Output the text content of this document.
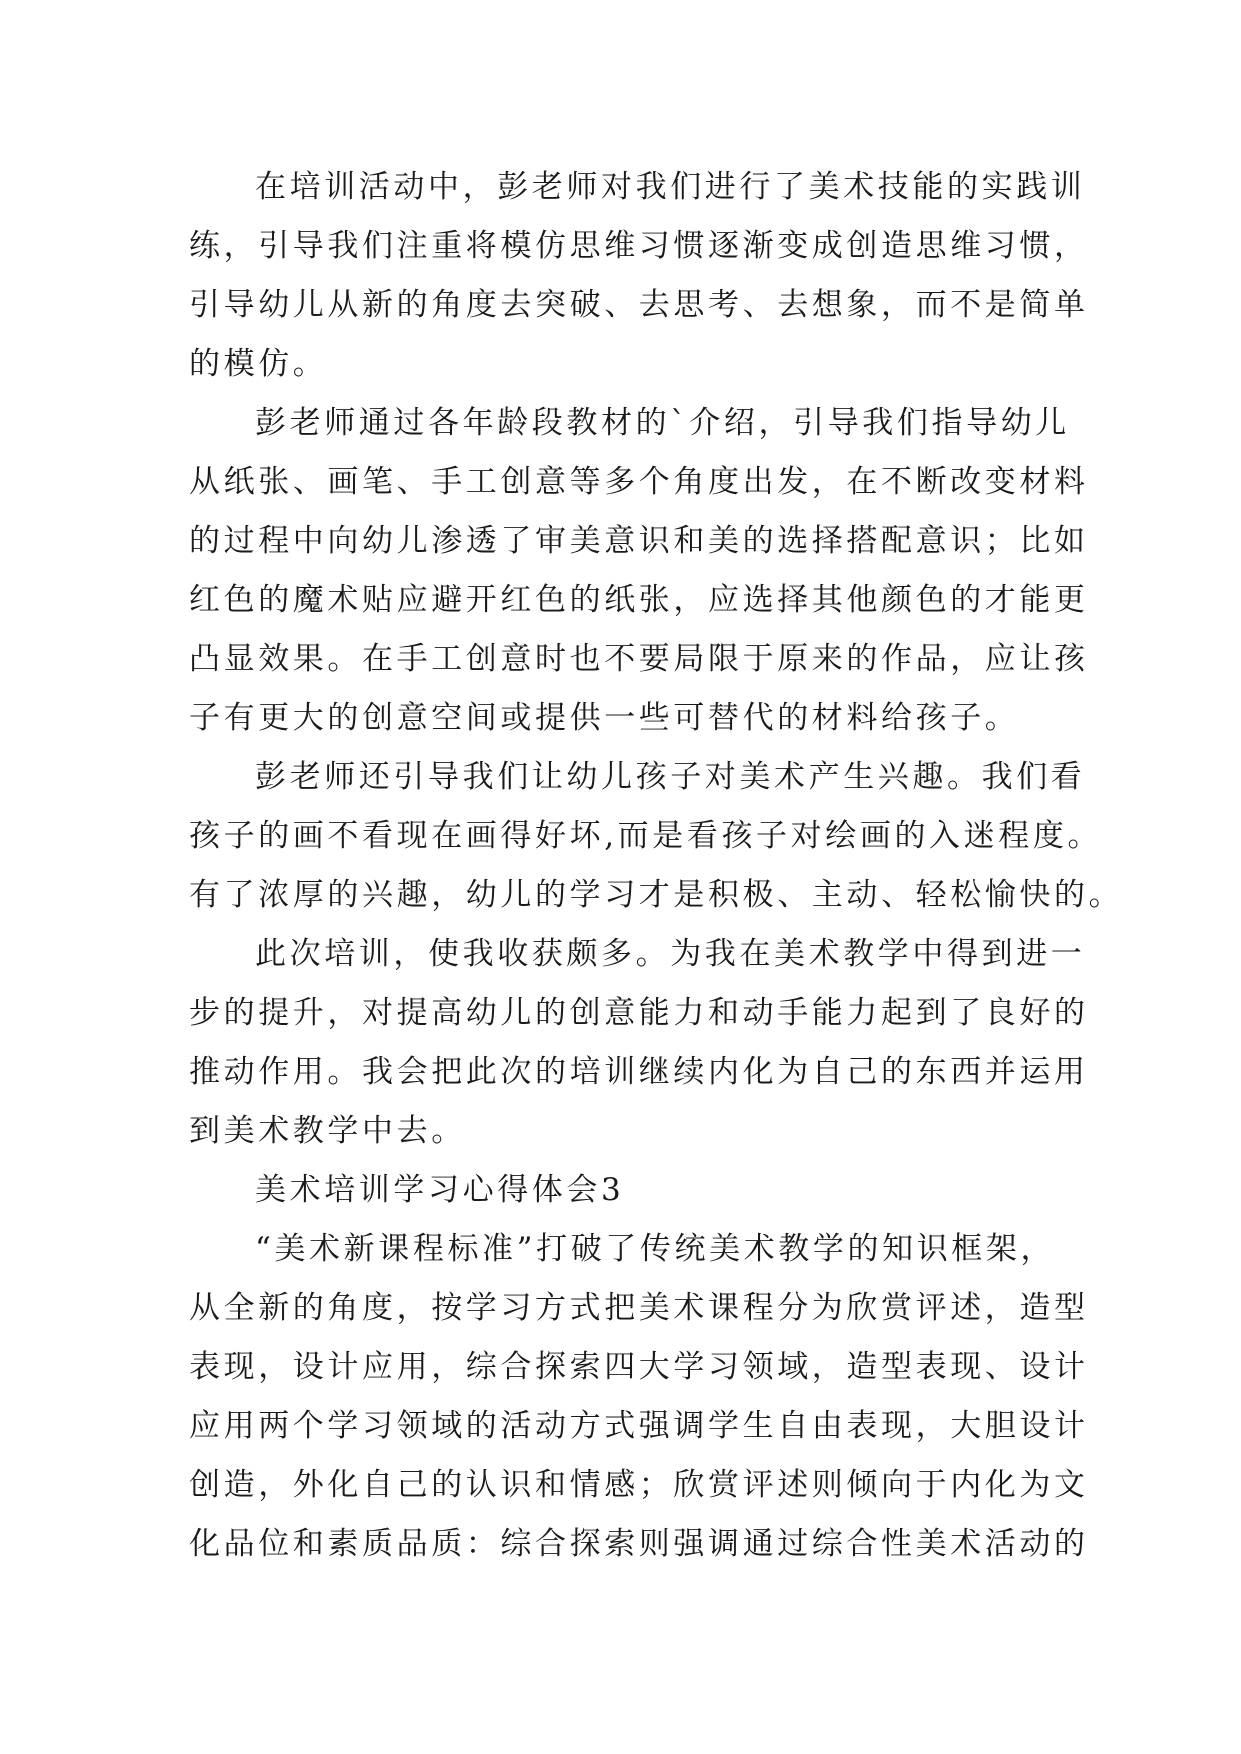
在培训活动中，彭老师对我们进行了美术技能的实践训
练，引导我们注重将模仿思维习惯逐渐变成创造思维习惯，
引导幼儿从新的角度去突破、去思考、去想象，而不是简单
的模仿。

彭老师通过各年龄段教材的`介绍，引导我们指导幼儿
从纸张、画笔、手工创意等多个角度出发，在不断改变材料
的过程中向幼儿渗透了审美意识和美的选择搭配意识；比如
红色的魔术贴应避开红色的纸张，应选择其他颜色的才能更
凸显效果。在手工创意时也不要局限于原来的作品，应让孩
子有更大的创意空间或提供一些可替代的材料给孩子。

彭老师还引导我们让幼儿孩子对美术产生兴趣。我们看
孩子的画不看现在画得好坏,而是看孩子对绘画的入迷程度。
有了浓厚的兴趣，幼儿的学习才是积极、主动、轻松愉快的。

此次培训，使我收获颇多。为我在美术教学中得到进一
步的提升，对提高幼儿的创意能力和动手能力起到了良好的
推动作用。我会把此次的培训继续内化为自己的东西并运用
到美术教学中去。

美术培训学习心得体会3

“美术新课程标准”打破了传统美术教学的知识框架，
从全新的角度，按学习方式把美术课程分为欣赏评述，造型
表现，设计应用，综合探索四大学习领域，造型表现、设计
应用两个学习领域的活动方式强调学生自由表现，大胆设计
创造，外化自己的认识和情感；欣赏评述则倾向于内化为文
化品位和素质品质：综合探索则强调通过综合性美术活动的
